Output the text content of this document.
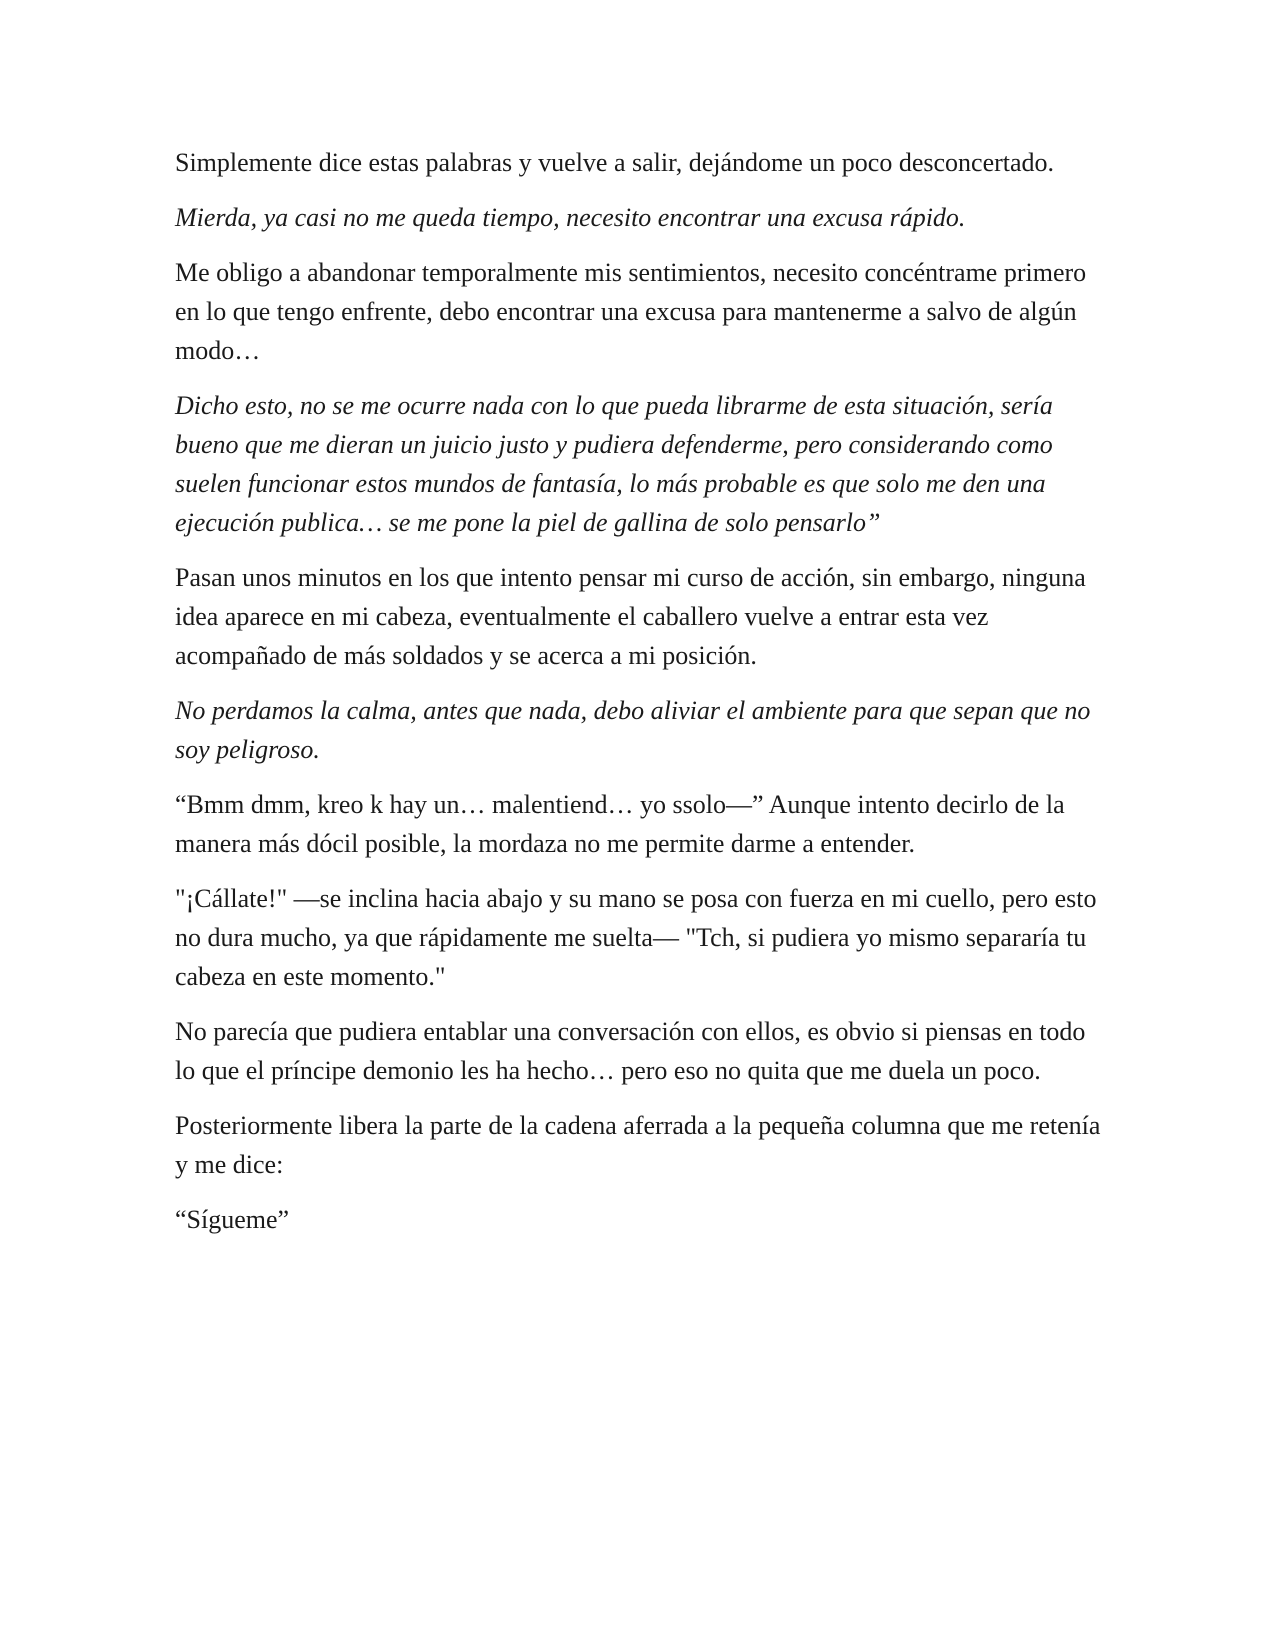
Simplemente dice estas palabras y vuelve a salir, dejándome un poco desconcertado.

Mierda, ya casi no me queda tiempo, necesito encontrar una excusa rápido.

Me obligo a abandonar temporalmente mis sentimientos, necesito concéntrame primero en lo que tengo enfrente, debo encontrar una excusa para mantenerme a salvo de algún modo…

Dicho esto, no se me ocurre nada con lo que pueda librarme de esta situación, sería bueno que me dieran un juicio justo y pudiera defenderme, pero considerando como suelen funcionar estos mundos de fantasía, lo más probable es que solo me den una ejecución publica… se me pone la piel de gallina de solo pensarlo”

Pasan unos minutos en los que intento pensar mi curso de acción, sin embargo, ninguna idea aparece en mi cabeza, eventualmente el caballero vuelve a entrar esta vez acompañado de más soldados y se acerca a mi posición.

No perdamos la calma, antes que nada, debo aliviar el ambiente para que sepan que no soy peligroso.

“Bmm dmm, kreo k hay un… malentiend… yo ssolo—” Aunque intento decirlo de la manera más dócil posible, la mordaza no me permite darme a entender.

"¡Cállate!" —se inclina hacia abajo y su mano se posa con fuerza en mi cuello, pero esto no dura mucho, ya que rápidamente me suelta— "Tch, si pudiera yo mismo separaría tu cabeza en este momento."

No parecía que pudiera entablar una conversación con ellos, es obvio si piensas en todo lo que el príncipe demonio les ha hecho… pero eso no quita que me duela un poco.

Posteriormente libera la parte de la cadena aferrada a la pequeña columna que me retenía y me dice:

“Sígueme”
